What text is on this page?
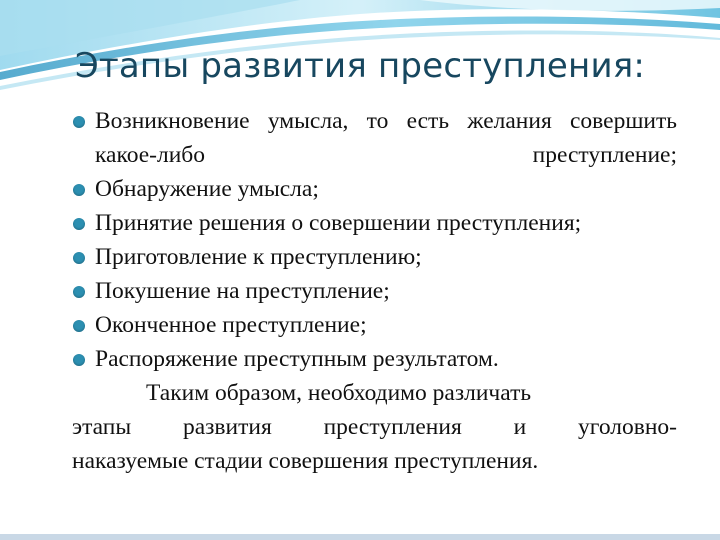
Этапы развития преступления:
Возникновение умысла, то есть желания совершить какое-либо преступление;
Обнаружение умысла;
Принятие решения о совершении преступления;
Приготовление к преступлению;
Покушение на преступление;
Оконченное преступление;
Распоряжение преступным результатом.
Таким образом, необходимо различать
этапы развития преступления и уголовно-
наказуемые стадии совершения преступления.
